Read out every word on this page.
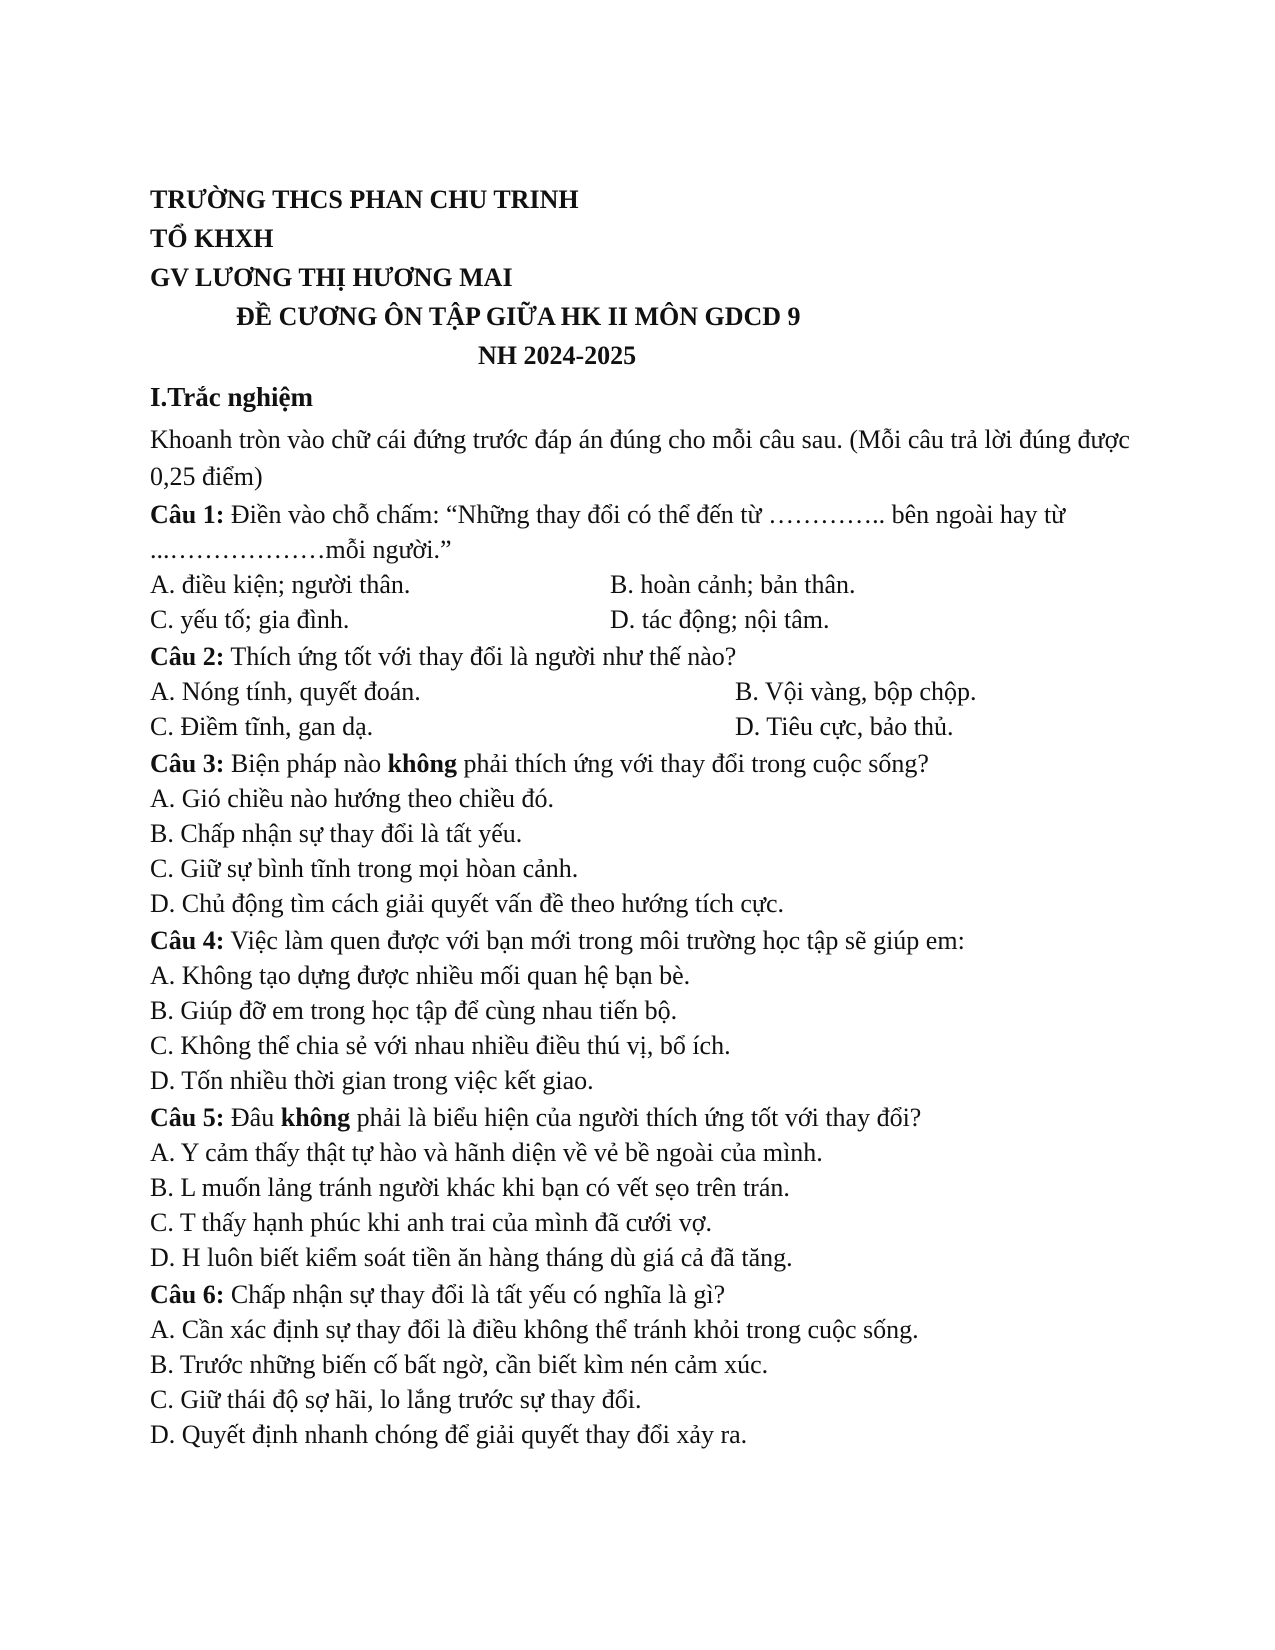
TRƯỜNG THCS PHAN CHU TRINH
TỔ KHXH
GV LƯƠNG THỊ HƯƠNG MAI
ĐỀ CƯƠNG ÔN TẬP GIỮA HK II MÔN GDCD 9
NH 2024-2025
I.Trắc nghiệm
Khoanh tròn vào chữ cái đứng trước đáp án đúng cho mỗi câu sau. (Mỗi câu trả lời đúng được 0,25 điểm)
Câu 1: Điền vào chỗ chấm: “Những thay đổi có thể đến từ ………….. bên ngoài hay từ ...………………mỗi người.”
A. điều kiện; người thân.	B. hoàn cảnh; bản thân.
C. yếu tố; gia đình.	D. tác động; nội tâm.
Câu 2: Thích ứng tốt với thay đổi là người như thế nào?
A. Nóng tính, quyết đoán.	B. Vội vàng, bộp chộp.
C. Điềm tĩnh, gan dạ.	D. Tiêu cực, bảo thủ.
Câu 3: Biện pháp nào không phải thích ứng với thay đổi trong cuộc sống?
A. Gió chiều nào hướng theo chiều đó.
B. Chấp nhận sự thay đổi là tất yếu.
C. Giữ sự bình tĩnh trong mọi hòan cảnh.
D. Chủ động tìm cách giải quyết vấn đề theo hướng tích cực.
Câu 4: Việc làm quen được với bạn mới trong môi trường học tập sẽ giúp em:
A. Không tạo dựng được nhiều mối quan hệ bạn bè.
B. Giúp đỡ em trong học tập để cùng nhau tiến bộ.
C. Không thể chia sẻ với nhau nhiều điều thú vị, bổ ích.
D. Tốn nhiều thời gian trong việc kết giao.
Câu 5: Đâu không phải là biểu hiện của người thích ứng tốt với thay đổi?
A. Y cảm thấy thật tự hào và hãnh diện về vẻ bề ngoài của mình.
B. L muốn lảng tránh người khác khi bạn có vết sẹo trên trán.
C. T thấy hạnh phúc khi anh trai của mình đã cưới vợ.
D. H luôn biết kiểm soát tiền ăn hàng tháng dù giá cả đã tăng.
Câu 6: Chấp nhận sự thay đổi là tất yếu có nghĩa là gì?
A. Cần xác định sự thay đổi là điều không thể tránh khỏi trong cuộc sống.
B. Trước những biến cố bất ngờ, cần biết kìm nén cảm xúc.
C. Giữ thái độ sợ hãi, lo lắng trước sự thay đổi.
D. Quyết định nhanh chóng để giải quyết thay đổi xảy ra.
